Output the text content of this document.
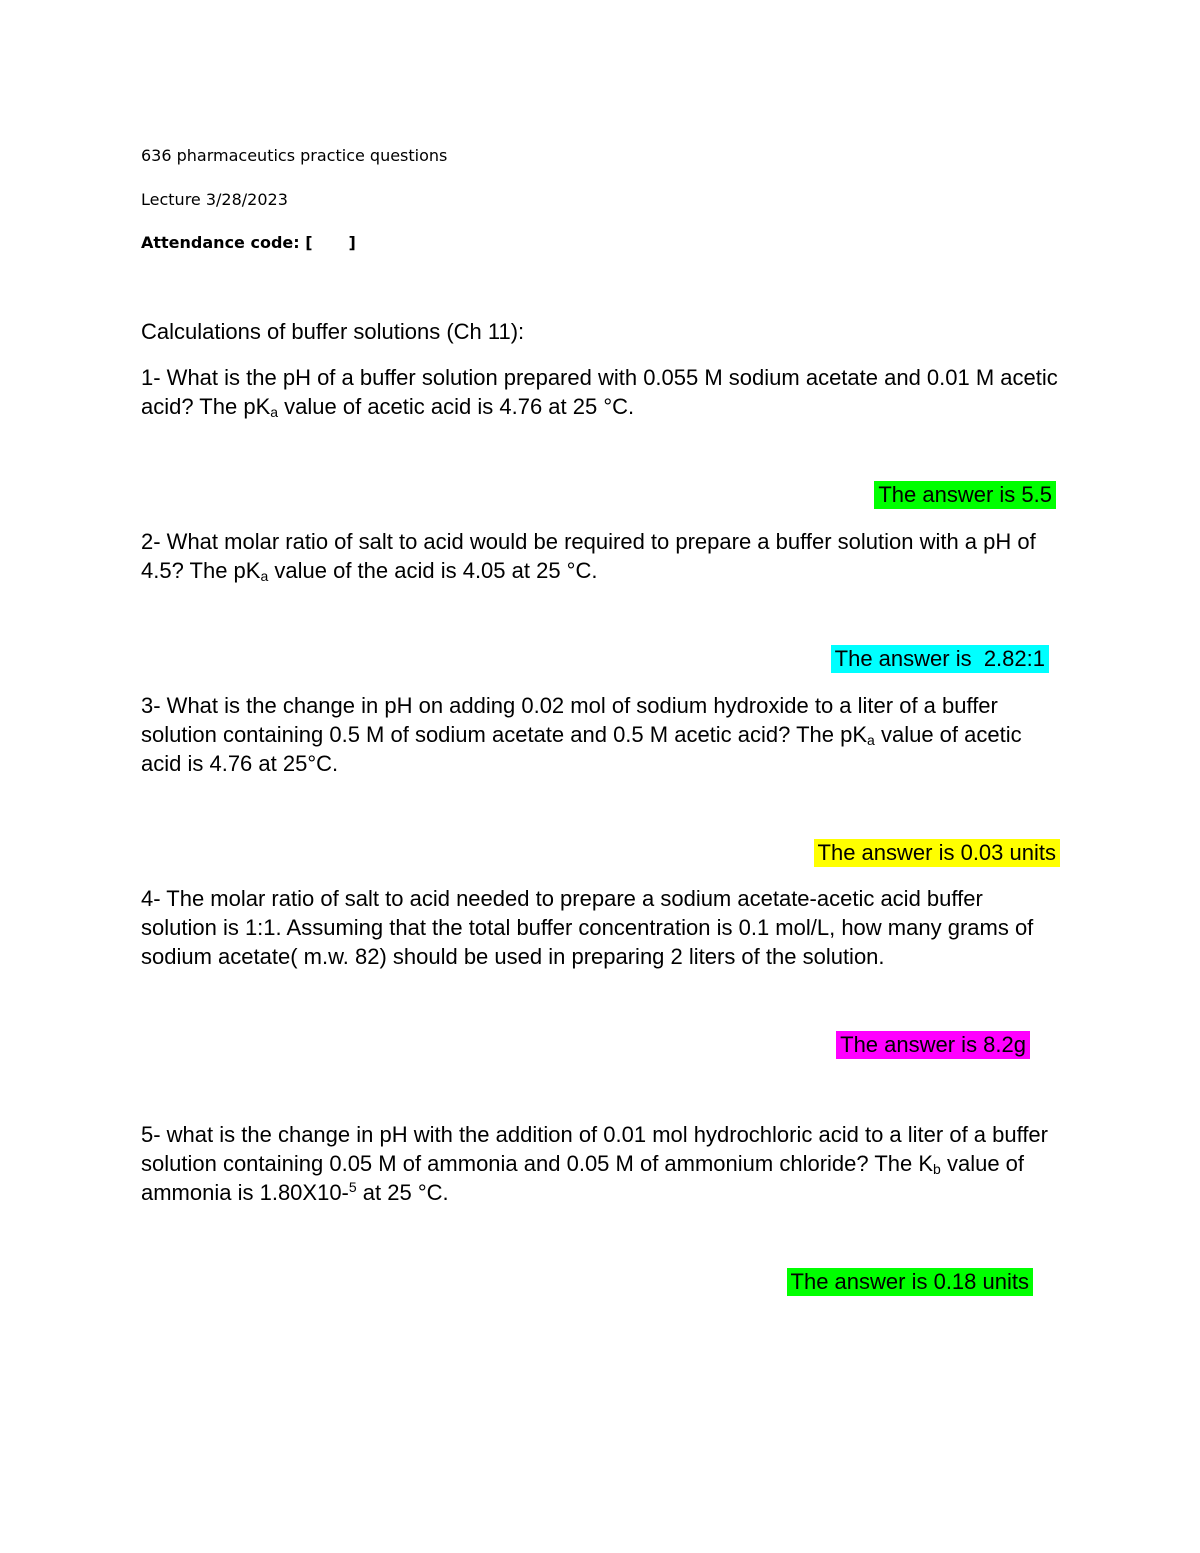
636 pharmaceutics practice questions
Lecture 3/28/2023
Attendance code: [ ]
Calculations of buffer solutions (Ch 11):
1- What is the pH of a buffer solution prepared with 0.055 M sodium acetate and 0.01 M acetic acid? The $pK_a$ value of acetic acid is 4.76 at 25 °C.
The answer is 5.5
2- What molar ratio of salt to acid would be required to prepare a buffer solution with a pH of 4.5? The $pK_a$ value of the acid is 4.05 at 25 °C.
The answer is  2.82:1
3- What is the change in pH on adding 0.02 mol of sodium hydroxide to a liter of a buffer solution containing 0.5 M of sodium acetate and 0.5 M acetic acid? The $pK_a$ value of acetic acid is 4.76 at 25°C.
The answer is 0.03 units
4- The molar ratio of salt to acid needed to prepare a sodium acetate-acetic acid buffer solution is 1:1. Assuming that the total buffer concentration is 0.1 mol/L, how many grams of sodium acetate( m.w. 82) should be used in preparing 2 liters of the solution.
The answer is 8.2g
5- what is the change in pH with the addition of 0.01 mol hydrochloric acid to a liter of a buffer solution containing 0.05 M of ammonia and 0.05 M of ammonium chloride? The $K_b$ value of ammonia is 1.80X10-$^5$ at 25 °C.
The answer is 0.18 units
